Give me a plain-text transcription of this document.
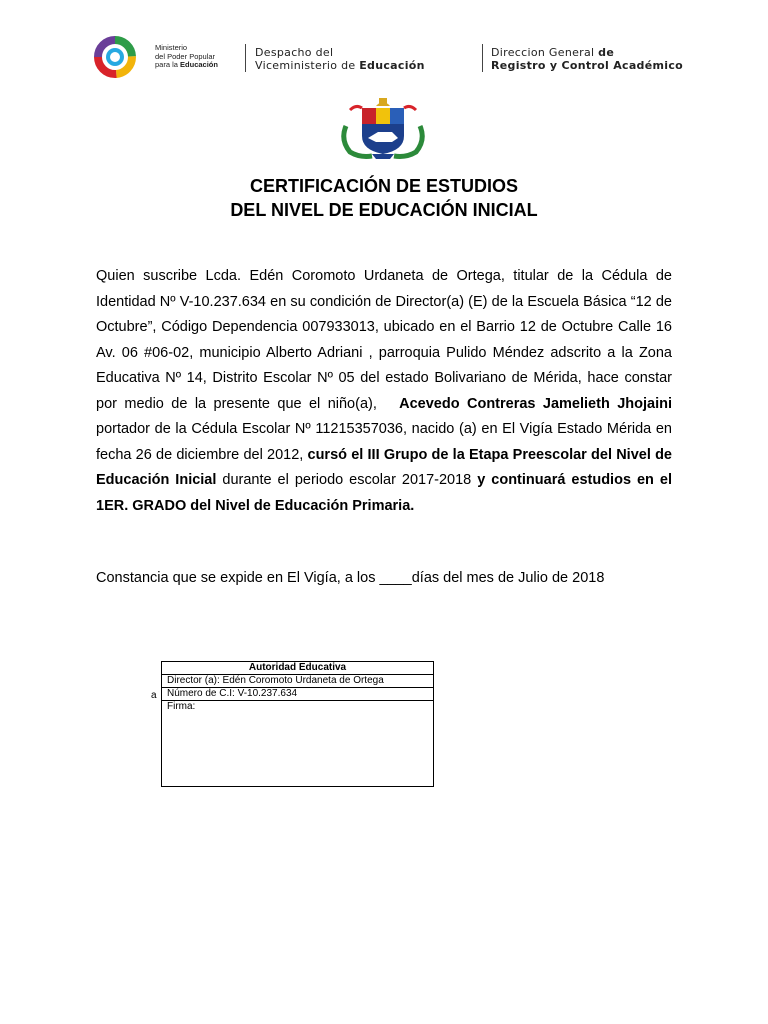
Ministerio
del Poder Popular
para la Educación
Despacho del
Viceministerio de Educación
Direccion General de
Registro y Control Académico
CERTIFICACIÓN DE ESTUDIOS
DEL NIVEL DE EDUCACIÓN INICIAL
Quien suscribe Lcda. Edén Coromoto Urdaneta de Ortega, titular de la Cédula de Identidad Nº V-10.237.634 en su condición de Director(a) (E) de la Escuela Básica “12 de Octubre”, Código Dependencia 007933013, ubicado en el Barrio 12 de Octubre Calle 16 Av. 06 #06-02, municipio Alberto Adriani , parroquia Pulido Méndez adscrito a la Zona Educativa Nº 14, Distrito Escolar Nº 05 del estado Bolivariano de Mérida, hace constar por medio de la presente que el niño(a), Acevedo Contreras Jamelieth Jhojaini portador de la Cédula Escolar Nº 11215357036, nacido (a) en El Vigía Estado Mérida en fecha 26 de diciembre del 2012, cursó el III Grupo de la Etapa Preescolar del Nivel de Educación Inicial durante el periodo escolar 2017-2018 y continuará estudios en el 1ER. GRADO del Nivel de Educación Primaria.
Constancia que se expide en El Vigía, a los ____días del mes de Julio de 2018
a
Autoridad Educativa
Director (a): Edén Coromoto Urdaneta de Ortega
Número de C.I: V-10.237.634
Firma:
